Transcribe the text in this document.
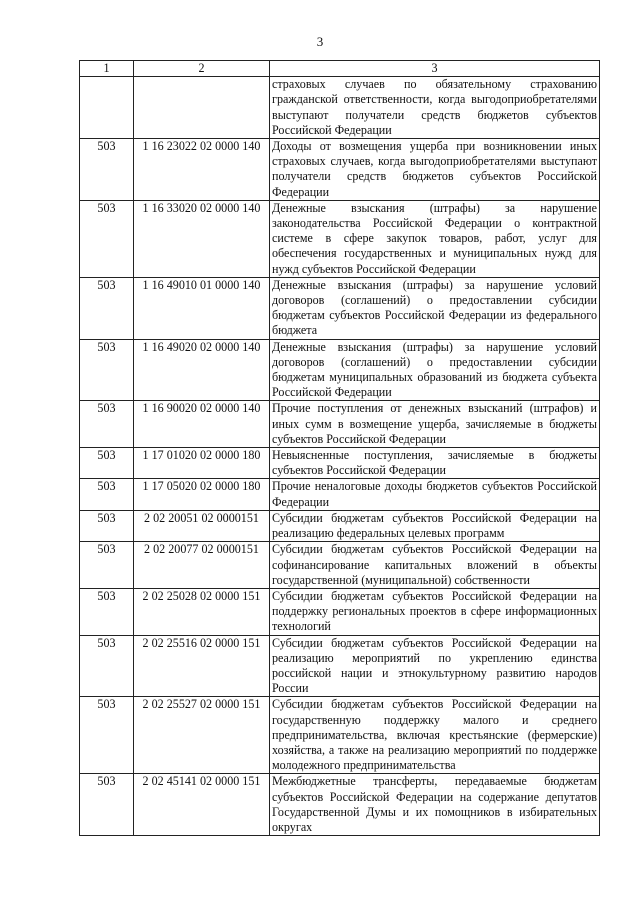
3
1	2	3
		страховых случаев по обязательному страхованию гражданской ответственности, когда выгодоприобретателями выступают получатели средств бюджетов субъектов Российской Федерации
503	1 16 23022 02 0000 140	Доходы от возмещения ущерба при возникновении иных страховых случаев, когда выгодоприобретателями выступают получатели средств бюджетов субъектов Российской Федерации
503	1 16 33020 02 0000 140	Денежные взыскания (штрафы) за нарушение законодательства Российской Федерации о контрактной системе в сфере закупок товаров, работ, услуг для обеспечения государственных и муниципальных нужд для нужд субъектов Российской Федерации
503	1 16 49010 01 0000 140	Денежные взыскания (штрафы) за нарушение условий договоров (соглашений) о предоставлении субсидии бюджетам субъектов Российской Федерации из федерального бюджета
503	1 16 49020 02 0000 140	Денежные взыскания (штрафы) за нарушение условий договоров (соглашений) о предоставлении субсидии бюджетам муниципальных образований из бюджета субъекта Российской Федерации
503	1 16 90020 02 0000 140	Прочие поступления от денежных взысканий (штрафов) и иных сумм в возмещение ущерба, зачисляемые в бюджеты субъектов Российской Федерации
503	1 17 01020 02 0000 180	Невыясненные поступления, зачисляемые в бюджеты субъектов Российской Федерации
503	1 17 05020 02 0000 180	Прочие неналоговые доходы бюджетов субъектов Российской Федерации
503	2 02 20051 02 0000151	Субсидии бюджетам субъектов Российской Федерации на реализацию федеральных целевых программ
503	2 02 20077 02 0000151	Субсидии бюджетам субъектов Российской Федерации на софинансирование капитальных вложений в объекты государственной (муниципальной) собственности
503	2 02 25028 02 0000 151	Субсидии бюджетам субъектов Российской Федерации на поддержку региональных проектов в сфере информационных технологий
503	2 02 25516 02 0000 151	Субсидии бюджетам субъектов Российской Федерации на реализацию мероприятий по укреплению единства российской нации и этнокультурному развитию народов России
503	2 02 25527 02 0000 151	Субсидии бюджетам субъектов Российской Федерации на государственную поддержку малого и среднего предпринимательства, включая крестьянские (фермерские) хозяйства, а также на реализацию мероприятий по поддержке молодежного предпринимательства
503	2 02 45141 02 0000 151	Межбюджетные трансферты, передаваемые бюджетам субъектов Российской Федерации на содержание депутатов Государственной Думы и их помощников в избирательных округах
